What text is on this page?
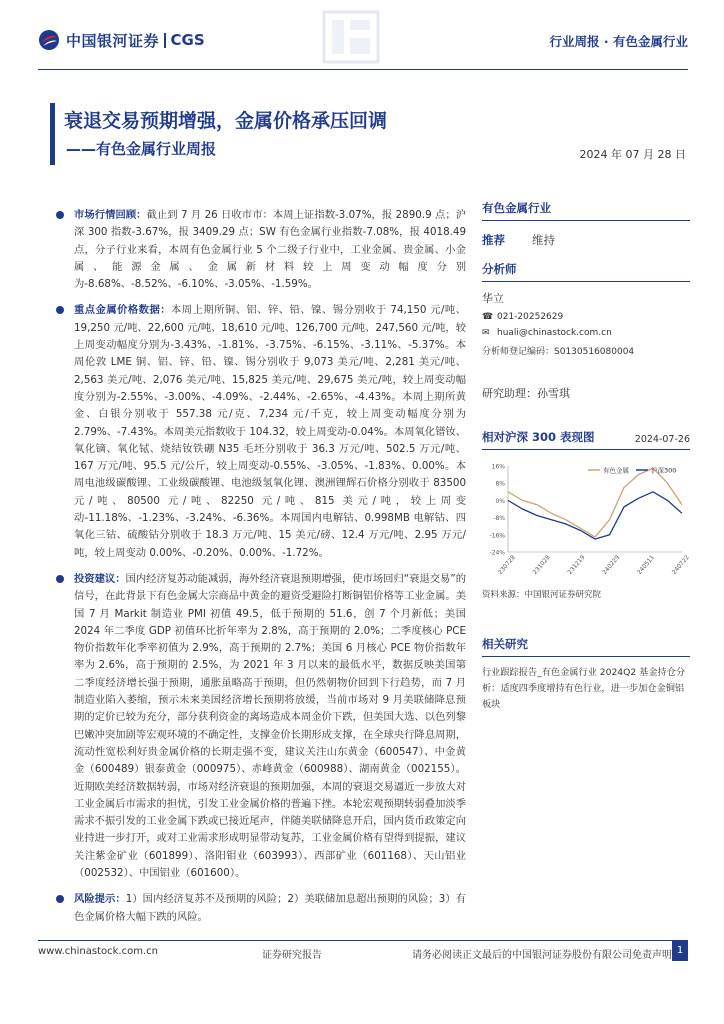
中国银河证券 CGS	行业周报 · 有色金属行业
衰退交易预期增强，金属价格承压回调
——有色金属行业周报	2024 年 07 月 28 日
市场行情回顾：截止到 7 月 26 日收市市：本周上证指数-3.07%，报 2890.9 点；沪深 300 指数-3.67%，报 3409.29 点；SW 有色金属行业指数-7.08%，报 4018.49 点，分子行业来看，本周有色金属行业 5 个二级子行业中，工业金属、贵金属、小金属、能源金属、金属新材料较上周变动幅度分别为-8.68%、-8.52%、-6.10%、-3.05%、-1.59%。
重点金属价格数据：本周上期所铜、铝、锌、铅、镍、锡分别收于 74,150 元/吨、19,250 元/吨、22,600 元/吨、18,610 元/吨、126,700 元/吨、247,560 元/吨，较上周变动幅度分别为-3.43%、-1.81%、-3.75%、-6.15%、-3.11%、-5.37%。本周伦敦 LME 铜、铝、锌、铅、镍、锡分别收于 9,073 美元/吨、2,281 美元/吨、2,563 美元/吨、2,076 美元/吨、15,825 美元/吨、29,675 美元/吨，较上周变动幅度分别为-2.55%、-3.00%、-4.09%、-2.44%、-2.65%、-4.43%。本周上期所黄金、白银分别收于 557.38 元/克、7,234 元/千克，较上周变动幅度分别为 2.79%、-7.43%。本周美元指数收于 104.32，较上周变动-0.04%。本周氧化镨钕、氧化镝、氧化铽、烧结钕铁硼 N35 毛坯分别收于 36.3 万元/吨、502.5 万元/吨、167 万元/吨、95.5 元/公斤，较上周变动-0.55%、-3.05%、-1.83%、0.00%。本周电池级碳酸锂、工业级碳酸锂、电池级氢氧化锂、澳洲锂辉石价格分别收于 83500 元/吨、80500 元/吨、82250 元/吨、815 美元/吨，较上周变动-11.18%、-1.23%、-3.24%、-6.36%。本周国内电解钴、0.998MB 电解钴、四氧化三钴、硫酸钴分别收于 18.3 万元/吨、15 美元/磅、12.4 万元/吨、2.95 万元/吨，较上周变动 0.00%、-0.20%、0.00%、-1.72%。
投资建议：国内经济复苏动能减弱，海外经济衰退预期增强，使市场回归“衰退交易”的信号，在此背景下有色金属大宗商品中黄金的避资受避险打断铜铝价格等工业金属。美国 7 月 Markit 制造业 PMI 初值 49.5，低于预期的 51.6，创 7 个月新低；美国 2024 年二季度 GDP 初值环比折年率为 2.8%，高于预期的 2.0%；二季度核心 PCE 物价指数年化季率初值为 2.9%，高于预期的 2.7%；美国 6 月核心 PCE 物价指数年率为 2.6%，高于预期的 2.5%，为 2021 年 3 月以来的最低水平，数据反映美国第二季度经济增长强于预期，通胀虽略高于预期，但仍然朝物价回到下行趋势，而 7 月制造业陷入萎缩，预示未来美国经济增长预期将放缓，当前市场对 9 月美联储降息预期的定价已较为充分，部分获利资金的离场造成本周金价下跌，但美国大选、以色列黎巴嫩冲突加剧等宏观环境的不确定性，支撑金价长期形成支撑，在全球央行降息周期，流动性宽松利好贵金属价格的长期走强不变，建议关注山东黄金（600547）、中金黄金（600489）银泰黄金（000975）、赤峰黄金（600988）、湖南黄金（002155）。近期欧美经济数据转弱，市场对经济衰退的预期加强，本周的衰退交易逼近一步放大对工业金属后市需求的担忧，引发工业金属价格的普遍下挫。本轮宏观预期转弱叠加淡季需求不振引发的工业金属下跌或已接近尾声，伴随美联储降息开启，国内货币政策定向业持进一步打开，或对工业需求形成明显带动复苏，工业金属价格有望得到提振，建议关注紫金矿业（601899）、洛阳钼业（603993）、西部矿业（601168）、天山铝业（002532）、中国铝业（601600）。
风险提示：1）国内经济复苏不及预期的风险；2）美联储加息超出预期的风险；3）有色金属价格大幅下跌的风险。
有色金属行业
推荐	维持
分析师
华立
☎ 021-20252629
✉ huali@chinastock.com.cn
分析师登记编码：S0130516080004
研究助理：孙雪琪
相对沪深 300 表现图	2024-07-26
16%
8%
0%
-8%
-16%
-24%
230728 231028 231219 240229 240511 240722
有色金属	沪深300
资料来源：中国银河证券研究院
相关研究
行业跟踪报告_有色金属行业 2024Q2 基金持仓分析：适度四季度增持有色行业，进一步加仓金铜铝板块
www.chinastock.com.cn	证券研究报告	请务必阅读正文最后的中国银河证券股份有限公司免责声明 1
